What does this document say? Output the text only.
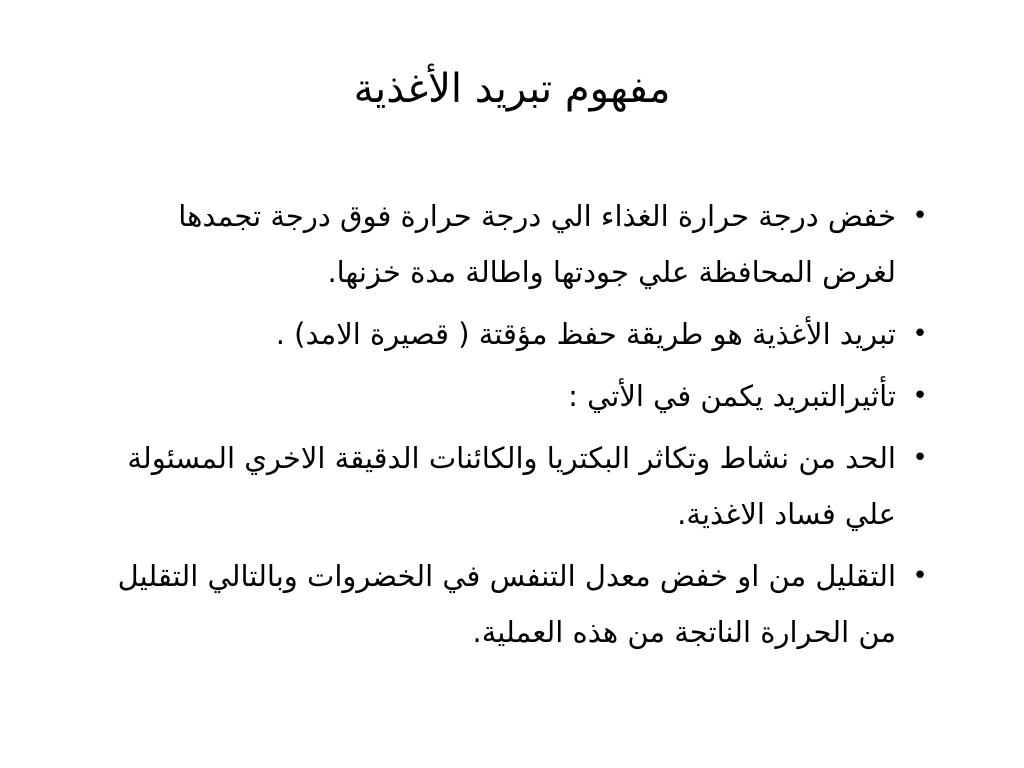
مفهوم تبريد الأغذية
•
خفض درجة حرارة الغذاء الي درجة حرارة فوق درجة تجمدها لغرض المحافظة علي جودتها واطالة مدة خزنها.
•
تبريد الأغذية هو طريقة حفظ مؤقتة ( قصيرة الامد) .
•
تأثيرالتبريد يكمن في الأتي :
•
الحد من نشاط وتكاثر البكتريا والكائنات الدقيقة الاخري المسئولة علي فساد الاغذية.
•
التقليل من او خفض معدل التنفس في الخضروات وبالتالي التقليل من الحرارة الناتجة من هذه العملية.
